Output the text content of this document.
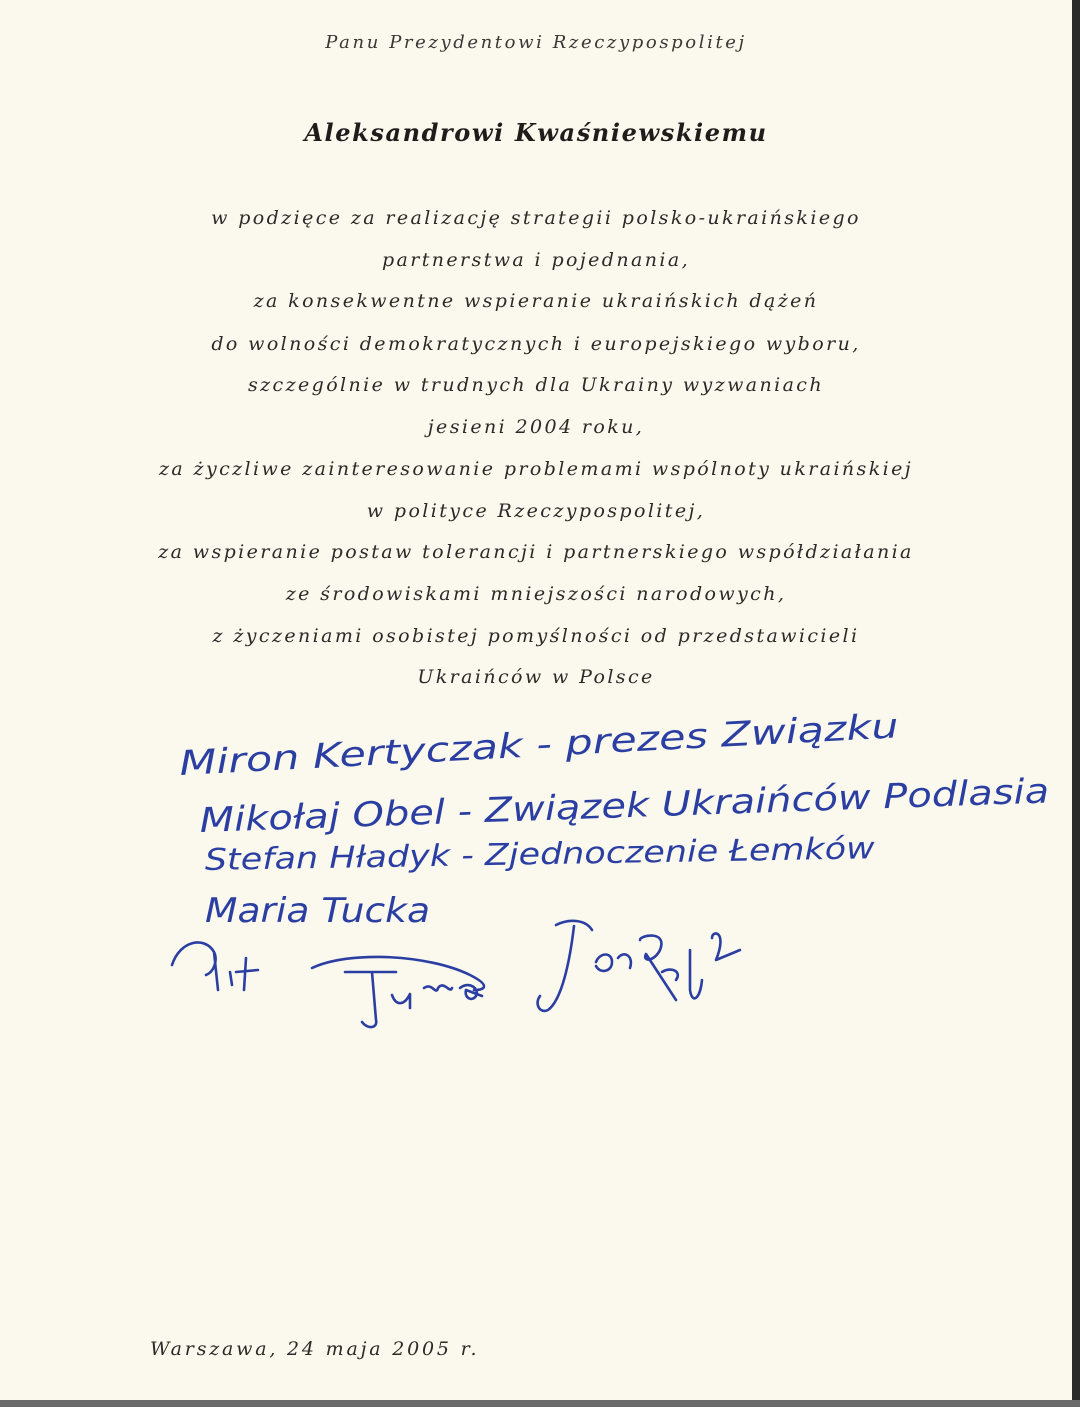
Panu Prezydentowi Rzeczypospolitej
Aleksandrowi Kwaśniewskiemu
w podzięce za realizację strategii polsko-ukraińskiego
partnerstwa i pojednania,
za konsekwentne wspieranie ukraińskich dążeń
do wolności demokratycznych i europejskiego wyboru,
szczególnie w trudnych dla Ukrainy wyzwaniach
jesieni 2004 roku,
za życzliwe zainteresowanie problemami wspólnoty ukraińskiej
w polityce Rzeczypospolitej,
za wspieranie postaw tolerancji i partnerskiego współdziałania
ze środowiskami mniejszości narodowych,
z życzeniami osobistej pomyślności od przedstawicieli
Ukraińców w Polsce
Miron Kertyczak - prezes Związku
Mikołaj Obel - Związek Ukraińców Podlasia
Stefan Hładyk - Zjednoczenie Łemków
Maria Tucka
Warszawa, 24 maja 2005 r.
